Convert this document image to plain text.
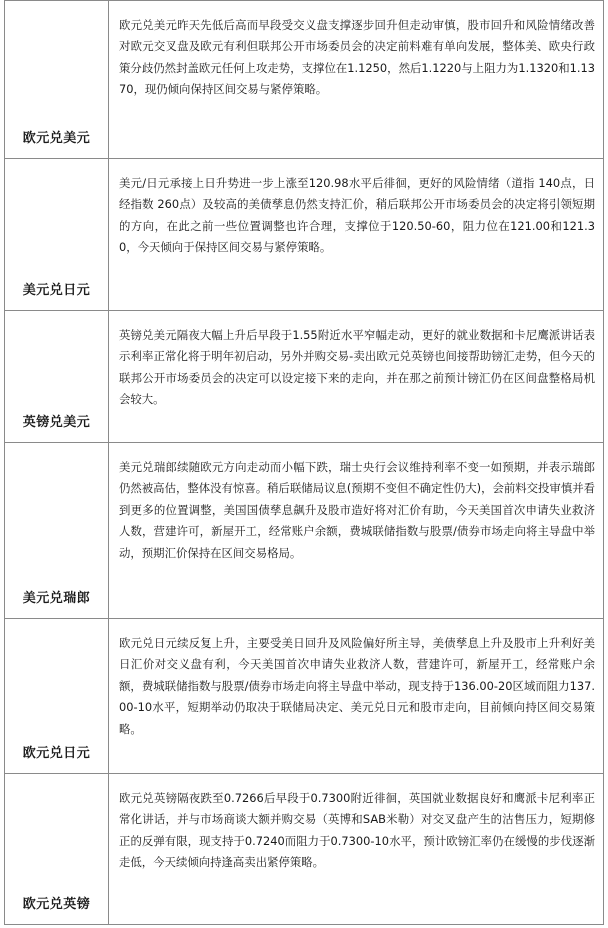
欧元兑美元	欧元兑美元昨天先低后高而早段受交义盘支撑逐步回升但走动审慎，股市回升和风险情绪改善对欧元交叉盘及欧元有利但联邦公开市场委员会的决定前料难有单向发展，整体美、欧央行政策分歧仍然封盖欧元任何上攻走势，支撑位在1.1250，然后1.1220与上阻力为1.1320和1.1370，现仍倾向保持区间交易与紧停策略。

美元兑日元	美元/日元承接上日升势进一步上涨至120.98水平后徘徊，更好的风险情绪（道指 140点，日经指数 260点）及较高的美债孳息仍然支持汇价，稍后联邦公开市场委员会的决定将引领短期的方向，在此之前一些位置调整也许合理，支撑位于120.50-60，阻力位在121.00和121.30，今天倾向于保持区间交易与紧停策略。

英镑兑美元	英镑兑美元隔夜大幅上升后早段于1.55附近水平窄幅走动，更好的就业数据和卡尼鹰派讲话表示利率正常化将于明年初启动，另外并购交易-卖出欧元兑英镑也间接帮助镑汇走势，但今天的联邦公开市场委员会的决定可以设定接下来的走向，并在那之前预计镑汇仍在区间盘整格局机会较大。

美元兑瑞郎	美元兑瑞郎续随欧元方向走动而小幅下跌，瑞士央行会议维持利率不变一如预期，并表示瑞郎仍然被高估，整体没有惊喜。稍后联储局议息(预期不变但不确定性仍大)，会前料交投审慎并看到更多的位置调整，美国国债孳息飙升及股市造好将对汇价有助，今天美国首次申请失业救济人数，营建许可，新屋开工，经常账户余额，费城联储指数与股票/债券市场走向将主导盘中举动，预期汇价保持在区间交易格局。

欧元兑日元	欧元兑日元续反复上升，主要受美日回升及风险偏好所主导，美债孳息上升及股市上升利好美日汇价对交义盘有利，今天美国首次申请失业救济人数，营建许可，新屋开工，经常账户余额，费城联储指数与股票/债券市场走向将主导盘中举动，现支持于136.00-20区域而阻力137.00-10水平，短期举动仍取决于联储局决定、美元兑日元和股市走向，目前倾向持区间交易策略。

欧元兑英镑	欧元兑英镑隔夜跌至0.7266后早段于0.7300附近徘徊，英国就业数据良好和鹰派卡尼利率正常化讲话，并与市场商谈大额并购交易（英博和SAB米勒）对交叉盘产生的沽售压力，短期修正的反弹有限，现支持于0.7240而阻力于0.7300-10水平，预计欧镑汇率仍在缓慢的步伐逐渐走低，今天续倾向持逢高卖出紧停策略。
